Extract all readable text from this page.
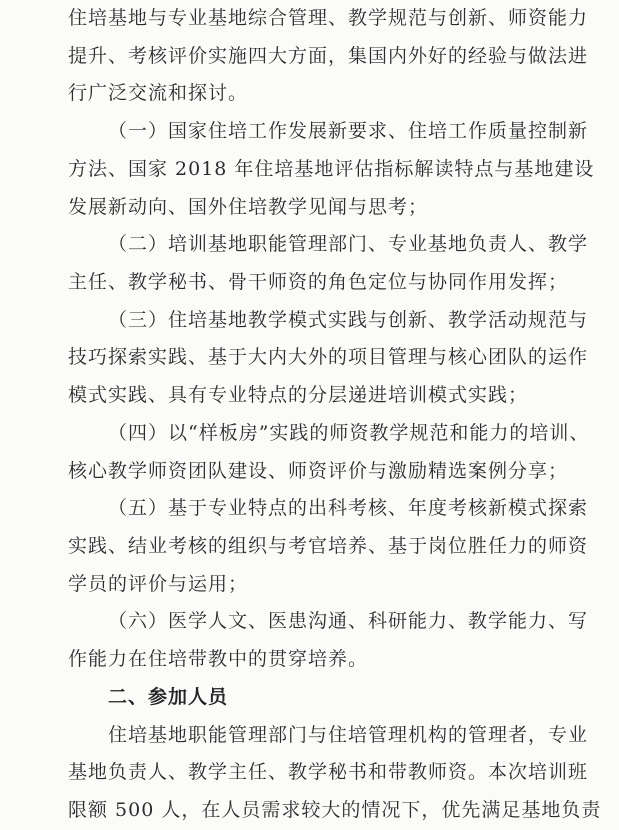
住培基地与专业基地综合管理、教学规范与创新、师资能力
提升、考核评价实施四大方面，集国内外好的经验与做法进
行广泛交流和探讨。
（一）国家住培工作发展新要求、住培工作质量控制新
方法、国家 2018 年住培基地评估指标解读特点与基地建设
发展新动向、国外住培教学见闻与思考；
（二）培训基地职能管理部门、专业基地负责人、教学
主任、教学秘书、骨干师资的角色定位与协同作用发挥；
（三）住培基地教学模式实践与创新、教学活动规范与
技巧探索实践、基于大内大外的项目管理与核心团队的运作
模式实践、具有专业特点的分层递进培训模式实践；
（四）以“样板房”实践的师资教学规范和能力的培训、
核心教学师资团队建设、师资评价与激励精选案例分享；
（五）基于专业特点的出科考核、年度考核新模式探索
实践、结业考核的组织与考官培养、基于岗位胜任力的师资
学员的评价与运用；
（六）医学人文、医患沟通、科研能力、教学能力、写
作能力在住培带教中的贯穿培养。
二、参加人员
住培基地职能管理部门与住培管理机构的管理者，专业
基地负责人、教学主任、教学秘书和带教师资。本次培训班
限额 500 人，在人员需求较大的情况下，优先满足基地负责
